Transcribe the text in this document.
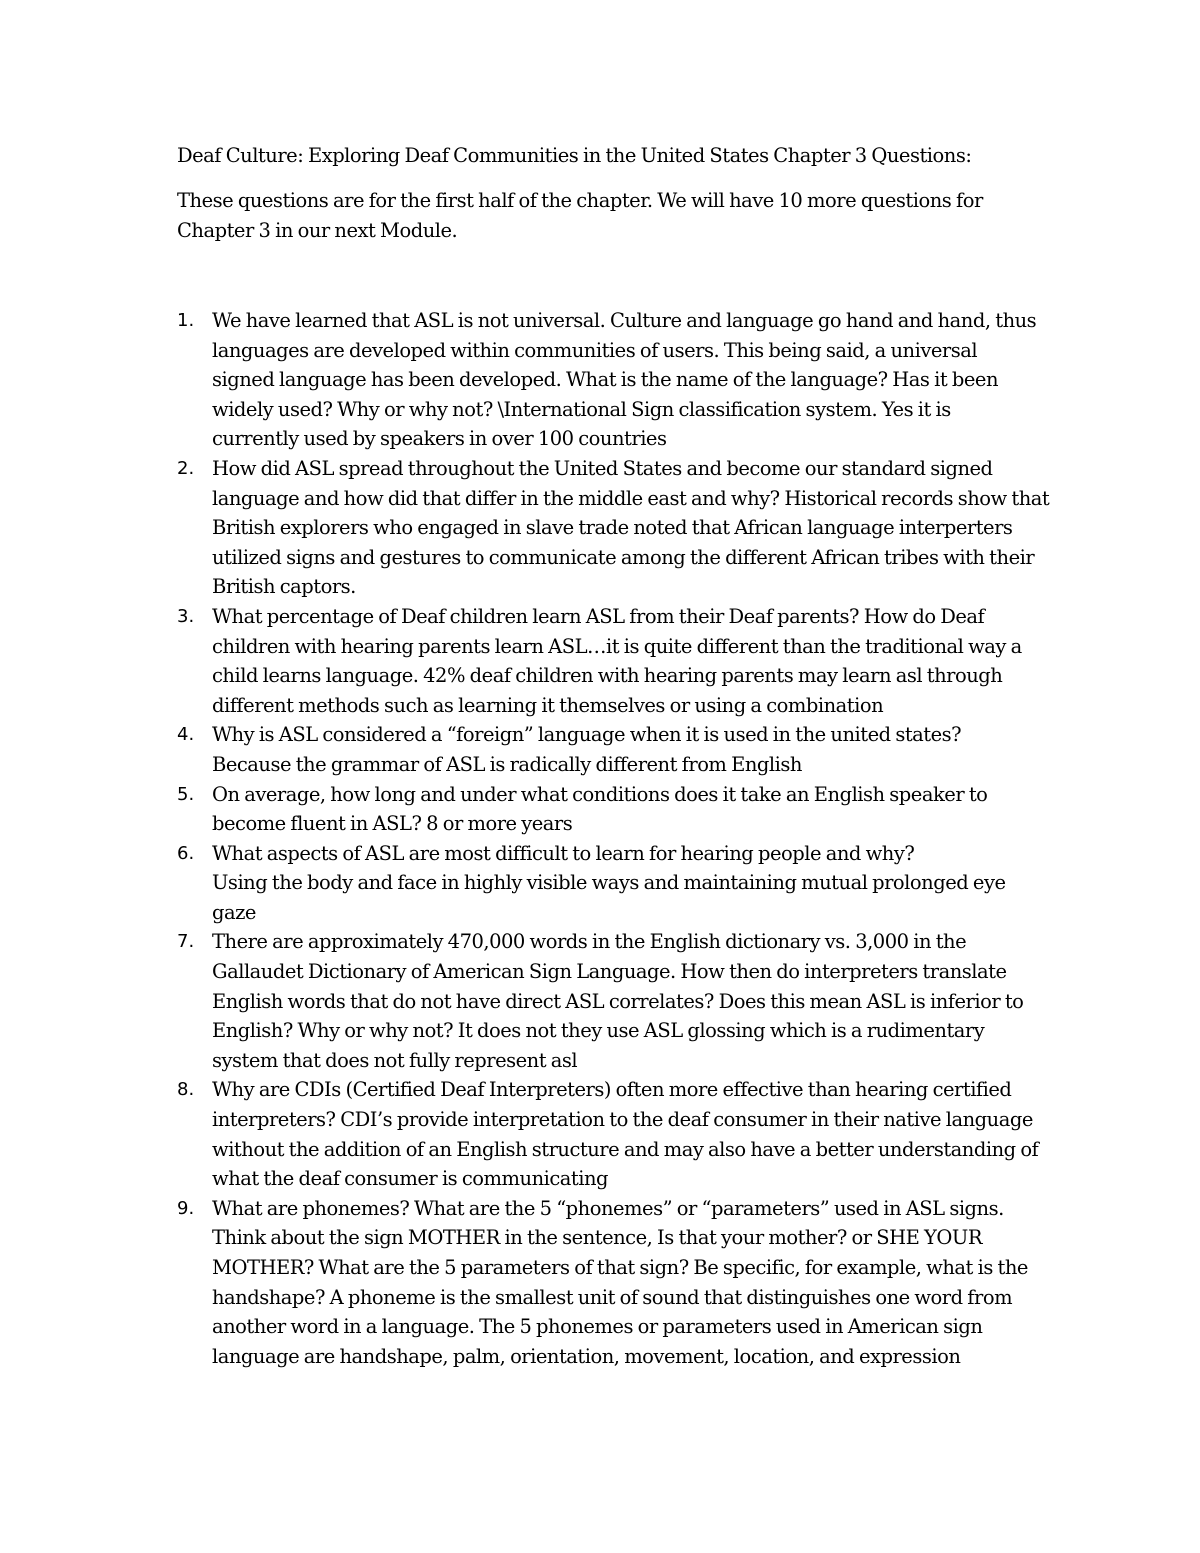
Deaf Culture: Exploring Deaf Communities in the United States Chapter 3 Questions:

These questions are for the first half of the chapter. We will have 10 more questions for
Chapter 3 in our next Module.

1. We have learned that ASL is not universal. Culture and language go hand and hand, thus
languages are developed within communities of users. This being said, a universal
signed language has been developed. What is the name of the language? Has it been
widely used? Why or why not? \International Sign classification system. Yes it is
currently used by speakers in over 100 countries
2. How did ASL spread throughout the United States and become our standard signed
language and how did that differ in the middle east and why? Historical records show that
British explorers who engaged in slave trade noted that African language interperters
utilized signs and gestures to communicate among the different African tribes with their
British captors.
3. What percentage of Deaf children learn ASL from their Deaf parents? How do Deaf
children with hearing parents learn ASL…it is quite different than the traditional way a
child learns language. 42% deaf children with hearing parents may learn asl through
different methods such as learning it themselves or using a combination
4. Why is ASL considered a “foreign” language when it is used in the united states?
Because the grammar of ASL is radically different from English
5. On average, how long and under what conditions does it take an English speaker to
become fluent in ASL? 8 or more years
6. What aspects of ASL are most difficult to learn for hearing people and why?
Using the body and face in highly visible ways and maintaining mutual prolonged eye
gaze
7. There are approximately 470,000 words in the English dictionary vs. 3,000 in the
Gallaudet Dictionary of American Sign Language. How then do interpreters translate
English words that do not have direct ASL correlates? Does this mean ASL is inferior to
English? Why or why not? It does not they use ASL glossing which is a rudimentary
system that does not fully represent asl
8. Why are CDIs (Certified Deaf Interpreters) often more effective than hearing certified
interpreters? CDI’s provide interpretation to the deaf consumer in their native language
without the addition of an English structure and may also have a better understanding of
what the deaf consumer is communicating
9. What are phonemes? What are the 5 “phonemes” or “parameters” used in ASL signs.
Think about the sign MOTHER in the sentence, Is that your mother? or SHE YOUR
MOTHER? What are the 5 parameters of that sign? Be specific, for example, what is the
handshape? A phoneme is the smallest unit of sound that distinguishes one word from
another word in a language. The 5 phonemes or parameters used in American sign
language are handshape, palm, orientation, movement, location, and expression
